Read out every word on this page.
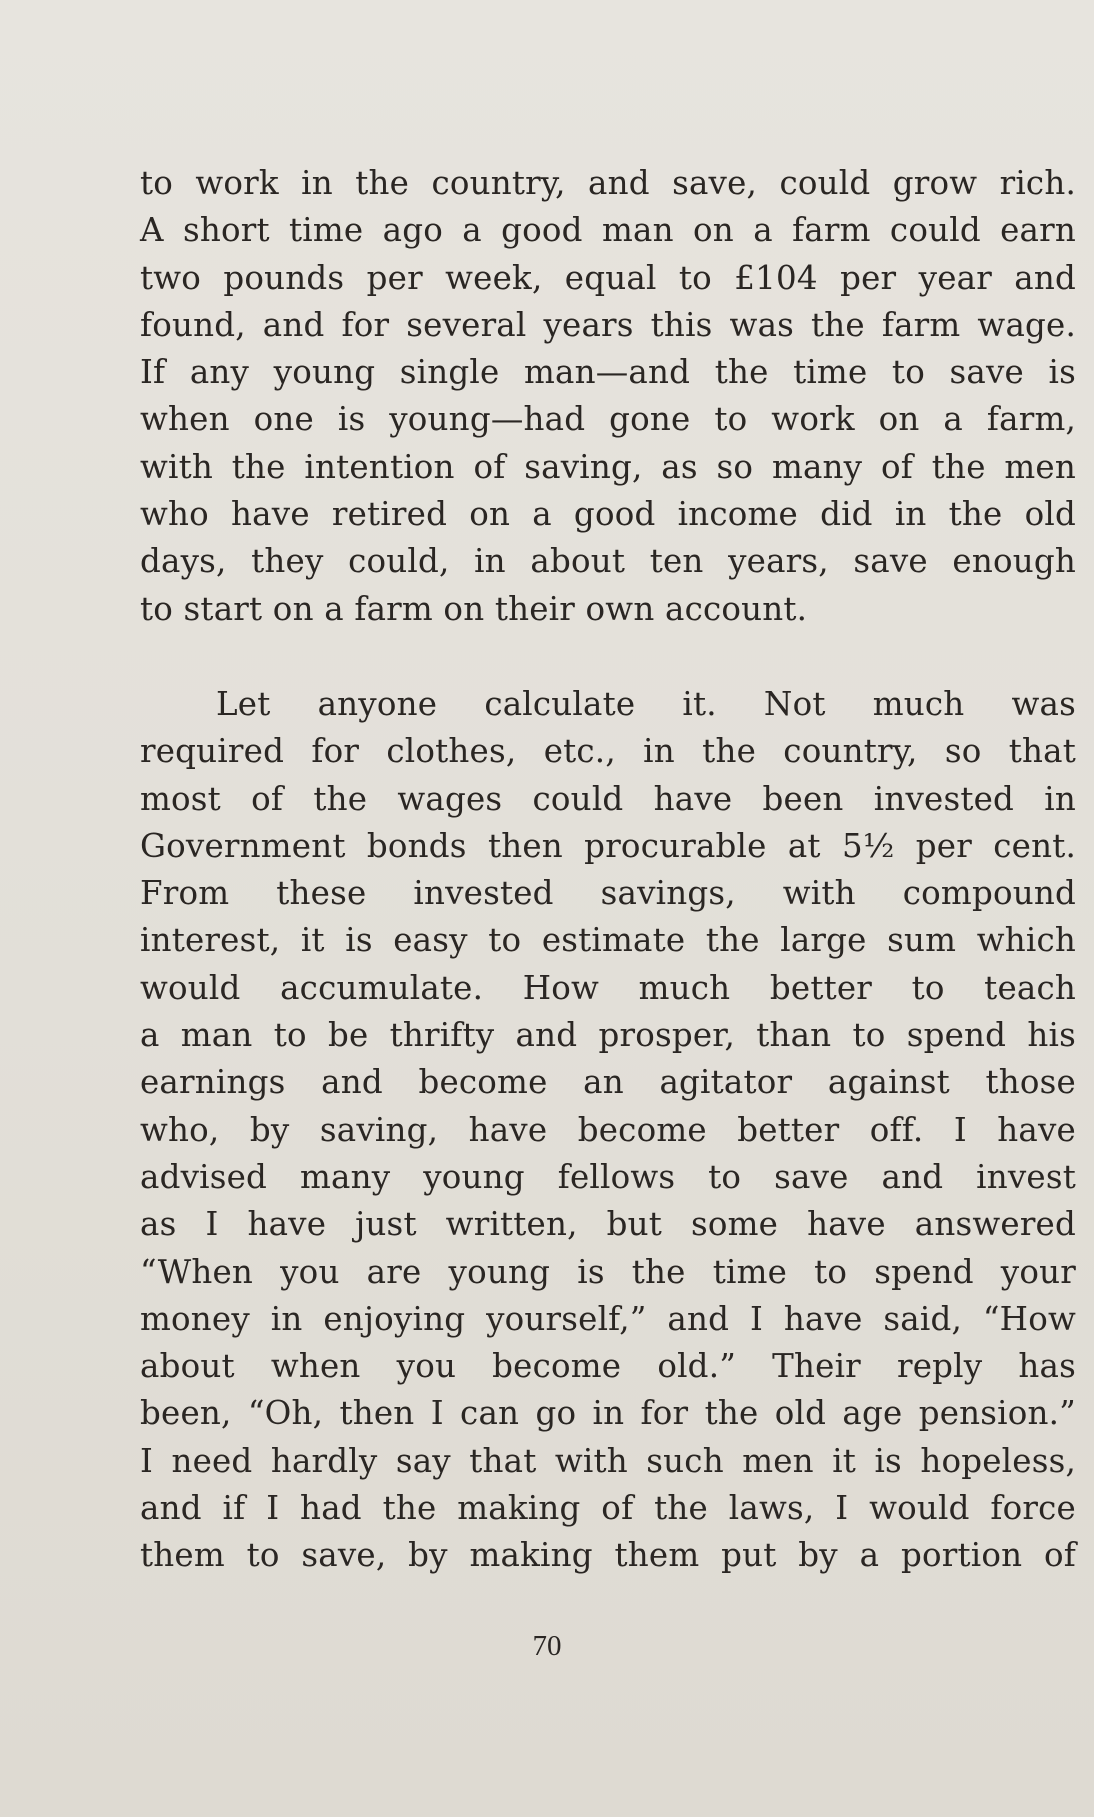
to work in the country, and save, could grow rich.
A short time ago a good man on a farm could earn
two pounds per week, equal to £104 per year and
found, and for several years this was the farm wage.
If any young single man—and the time to save is
when one is young—had gone to work on a farm,
with the intention of saving, as so many of the men
who have retired on a good income did in the old
days, they could, in about ten years, save enough
to start on a farm on their own account.
Let anyone calculate it. Not much was
required for clothes, etc., in the country, so that
most of the wages could have been invested in
Government bonds then procurable at 5½ per cent.
From these invested savings, with compound
interest, it is easy to estimate the large sum which
would accumulate. How much better to teach
a man to be thrifty and prosper, than to spend his
earnings and become an agitator against those
who, by saving, have become better off. I have
advised many young fellows to save and invest
as I have just written, but some have answered
“When you are young is the time to spend your
money in enjoying yourself,” and I have said, “How
about when you become old.” Their reply has
been, “Oh, then I can go in for the old age pension.”
I need hardly say that with such men it is hopeless,
and if I had the making of the laws, I would force
them to save, by making them put by a portion of
70
